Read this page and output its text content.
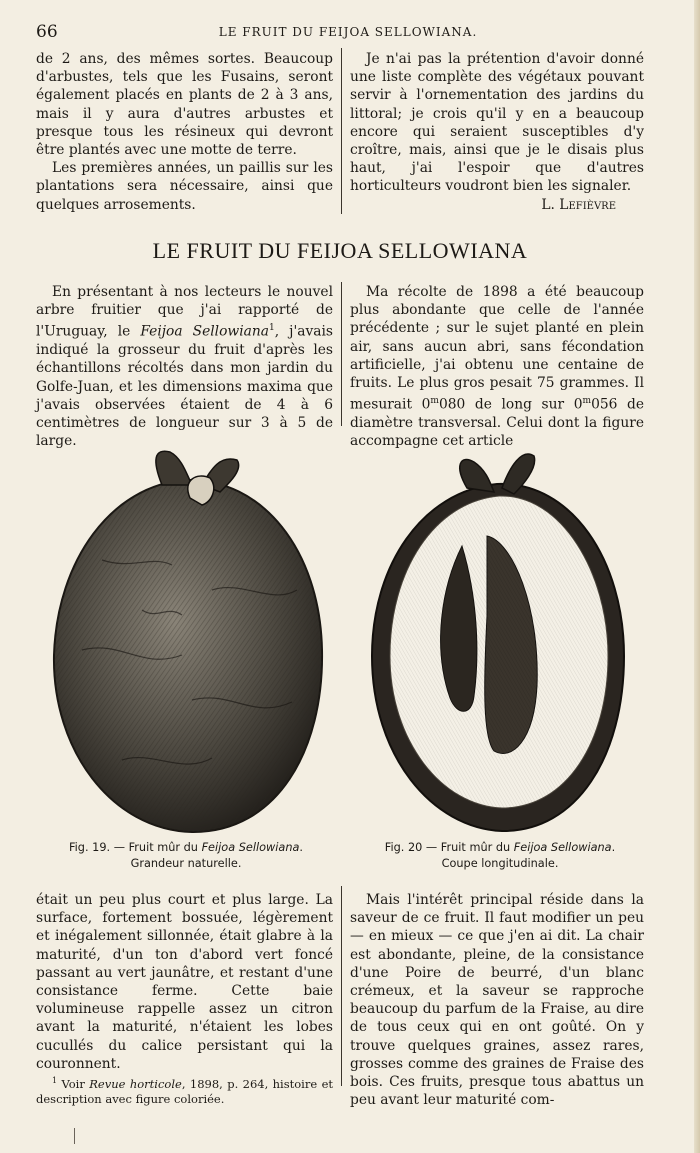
66	LE FRUIT DU FEIJOA SELLOWIANA.

de 2 ans, des mêmes sortes. Beaucoup d'arbustes, tels que les Fusains, seront également placés en plants de 2 à 3 ans, mais il y aura d'autres arbustes et presque tous les résineux qui devront être plantés avec une motte de terre.

Les premières années, un paillis sur les plantations sera nécessaire, ainsi que quelques arrosements.

Je n'ai pas la prétention d'avoir donné une liste complète des végétaux pouvant servir à l'ornementation des jardins du littoral; je crois qu'il y en a beaucoup encore qui seraient susceptibles d'y croître, mais, ainsi que je le disais plus haut, j'ai l'espoir que d'autres horticulteurs voudront bien les signaler.

L. Lefièvre

LE FRUIT DU FEIJOA SELLOWIANA

En présentant à nos lecteurs le nouvel arbre fruitier que j'ai rapporté de l'Uruguay, le Feijoa Sellowiana$^1$, j'avais indiqué la grosseur du fruit d'après les échantillons récoltés dans mon jardin du Golfe-Juan, et les dimensions maxima que j'avais observées étaient de 4 à 6 centimètres de longueur sur 3 à 5 de large.

Ma récolte de 1898 a été beaucoup plus abondante que celle de l'année précédente ; sur le sujet planté en plein air, sans aucun abri, sans fécondation artificielle, j'ai obtenu une centaine de fruits. Le plus gros pesait 75 grammes. Il mesurait 0$^m$080 de long sur 0$^m$056 de diamètre transversal. Celui dont la figure accompagne cet article

Fig. 19. — Fruit mûr du Feijoa Sellowiana.
Grandeur naturelle.
Fig. 20 — Fruit mûr du Feijoa Sellowiana.
Coupe longitudinale.

était un peu plus court et plus large. La surface, fortement bossuée, légèrement et inégalement sillonnée, était glabre à la maturité, d'un ton d'abord vert foncé passant au vert jaunâtre, et restant d'une consistance ferme. Cette baie volumineuse rappelle assez un citron avant la maturité, n'étaient les lobes cucullés du calice persistant qui la couronnent.

$^1$ Voir Revue horticole, 1898, p. 264, histoire et description avec figure coloriée.

Mais l'intérêt principal réside dans la saveur de ce fruit. Il faut modifier un peu — en mieux — ce que j'en ai dit. La chair est abondante, pleine, de la consistance d'une Poire de beurré, d'un blanc crémeux, et la saveur se rapproche beaucoup du parfum de la Fraise, au dire de tous ceux qui en ont goûté. On y trouve quelques graines, assez rares, grosses comme des graines de Fraise des bois. Ces fruits, presque tous abattus un peu avant leur maturité com-
